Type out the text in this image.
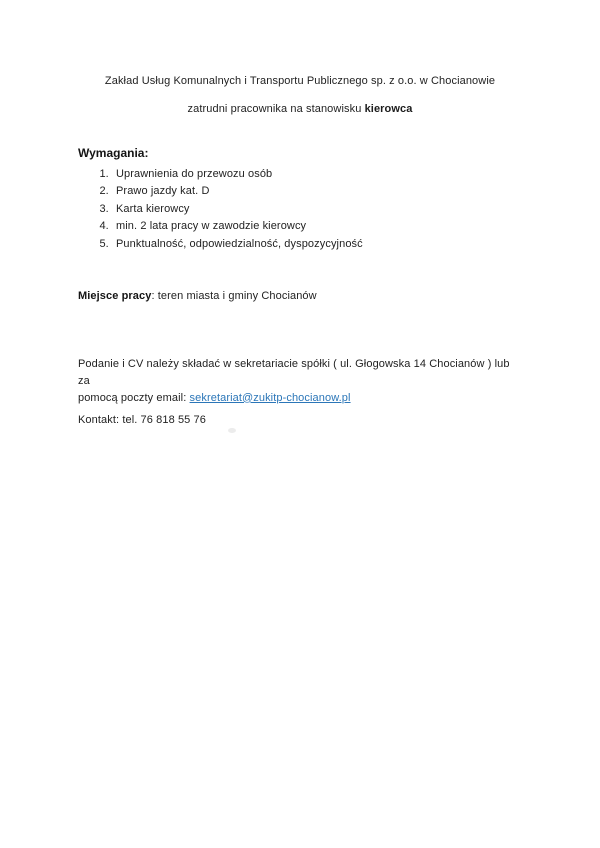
Zakład Usług Komunalnych i Transportu Publicznego sp. z o.o. w Chocianowie

zatrudni pracownika na stanowisku kierowca

Wymagania:

1. Uprawnienia do przewozu osób
2. Prawo jazdy kat. D
3. Karta kierowcy
4. min. 2 lata pracy w zawodzie kierowcy
5. Punktualność, odpowiedzialność, dyspozycyjność

Miejsce pracy: teren miasta i gminy Chocianów

Podanie i CV należy składać w sekretariacie spółki ( ul. Głogowska 14 Chocianów ) lub za
pomocą poczty email: sekretariat@zukitp-chocianow.pl

Kontakt: tel. 76 818 55 76
